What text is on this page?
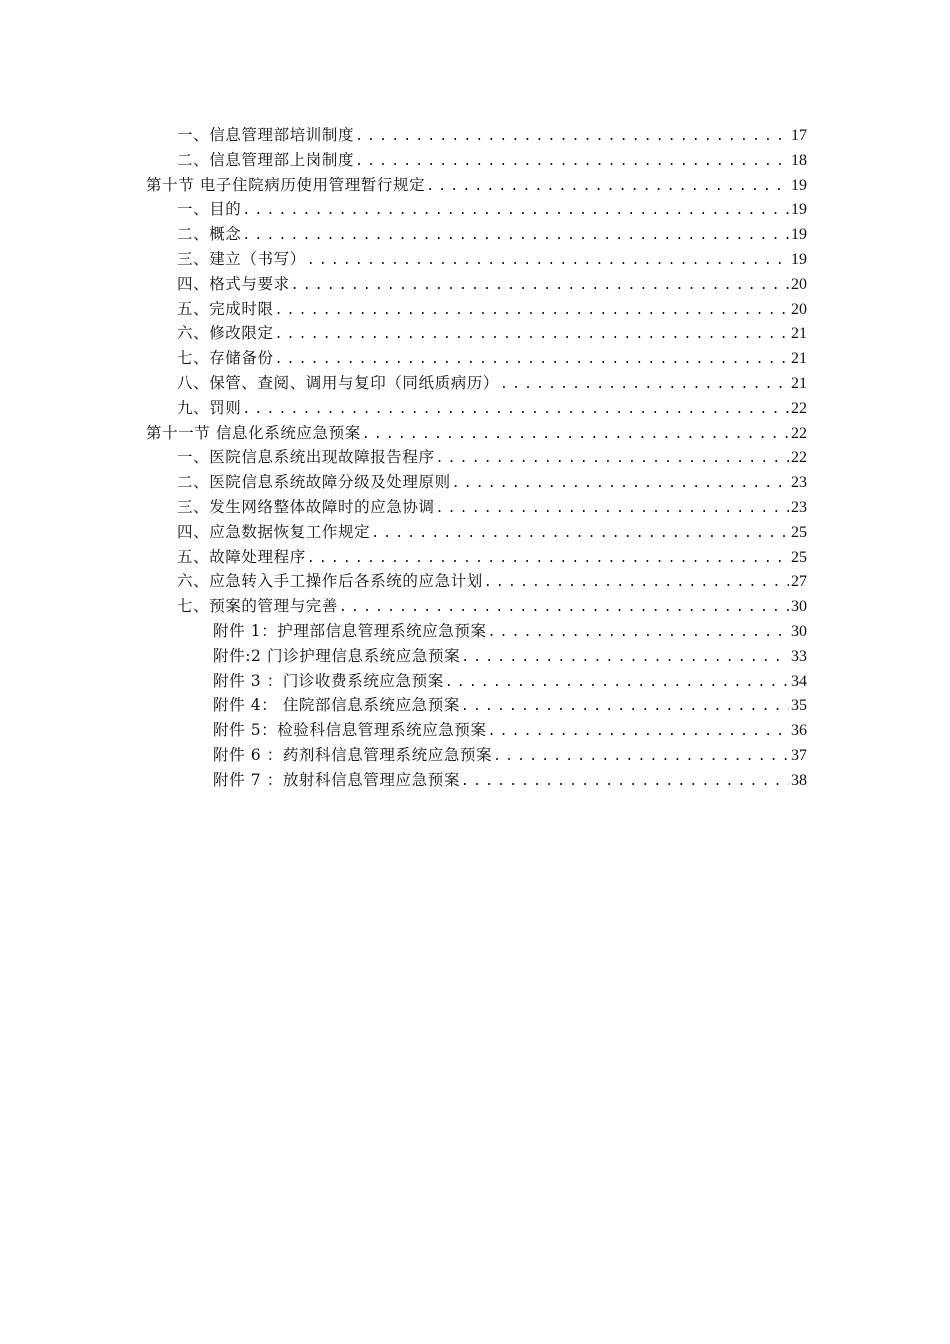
一、信息管理部培训制度 .....	17
二、信息管理部上岗制度 .....	18
第十节 电子住院病历使用管理暂行规定 .....	19
一、目的 .....	19
二、概念 .....	19
三、建立（书写） .....	19
四、格式与要求 .....	20
五、完成时限 .....	20
六、修改限定 .....	21
七、存储备份 .....	21
八、保管、查阅、调用与复印（同纸质病历） .....	21
九、罚则 .....	22
第十一节 信息化系统应急预案 .....	22
一、医院信息系统出现故障报告程序 .....	22
二、医院信息系统故障分级及处理原则 .....	23
三、发生网络整体故障时的应急协调 .....	23
四、应急数据恢复工作规定 .....	25
五、故障处理程序 .....	25
六、应急转入手工操作后各系统的应急计划 .....	27
七、预案的管理与完善 .....	30
附件 1：护理部信息管理系统应急预案 .....	30
附件:2 门诊护理信息系统应急预案 .....	33
附件 3 ：门诊收费系统应急预案 .....	34
附件 4： 住院部信息系统应急预案 .....	35
附件 5：检验科信息管理系统应急预案 .....	36
附件 6 ：药剂科信息管理系统应急预案 .....	37
附件 7 ：放射科信息管理应急预案 .....	38
